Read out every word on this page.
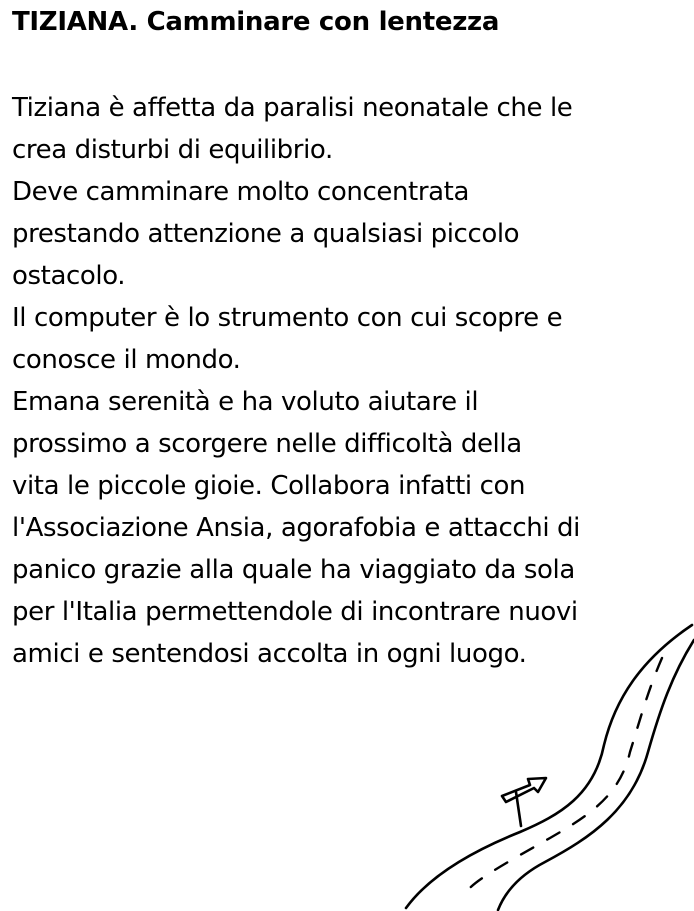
TIZIANA. Camminare con lentezza
Tiziana è affetta da paralisi neonatale che le
crea disturbi di equilibrio.
Deve camminare molto concentrata
prestando attenzione a qualsiasi piccolo
ostacolo.
Il computer è lo strumento con cui scopre e
conosce il mondo.
Emana serenità e ha voluto aiutare il
prossimo a scorgere nelle difficoltà della
vita le piccole gioie. Collabora infatti con
l'Associazione Ansia, agorafobia e attacchi di
panico grazie alla quale ha viaggiato da sola
per l'Italia permettendole di incontrare nuovi
amici e sentendosi accolta in ogni luogo.
